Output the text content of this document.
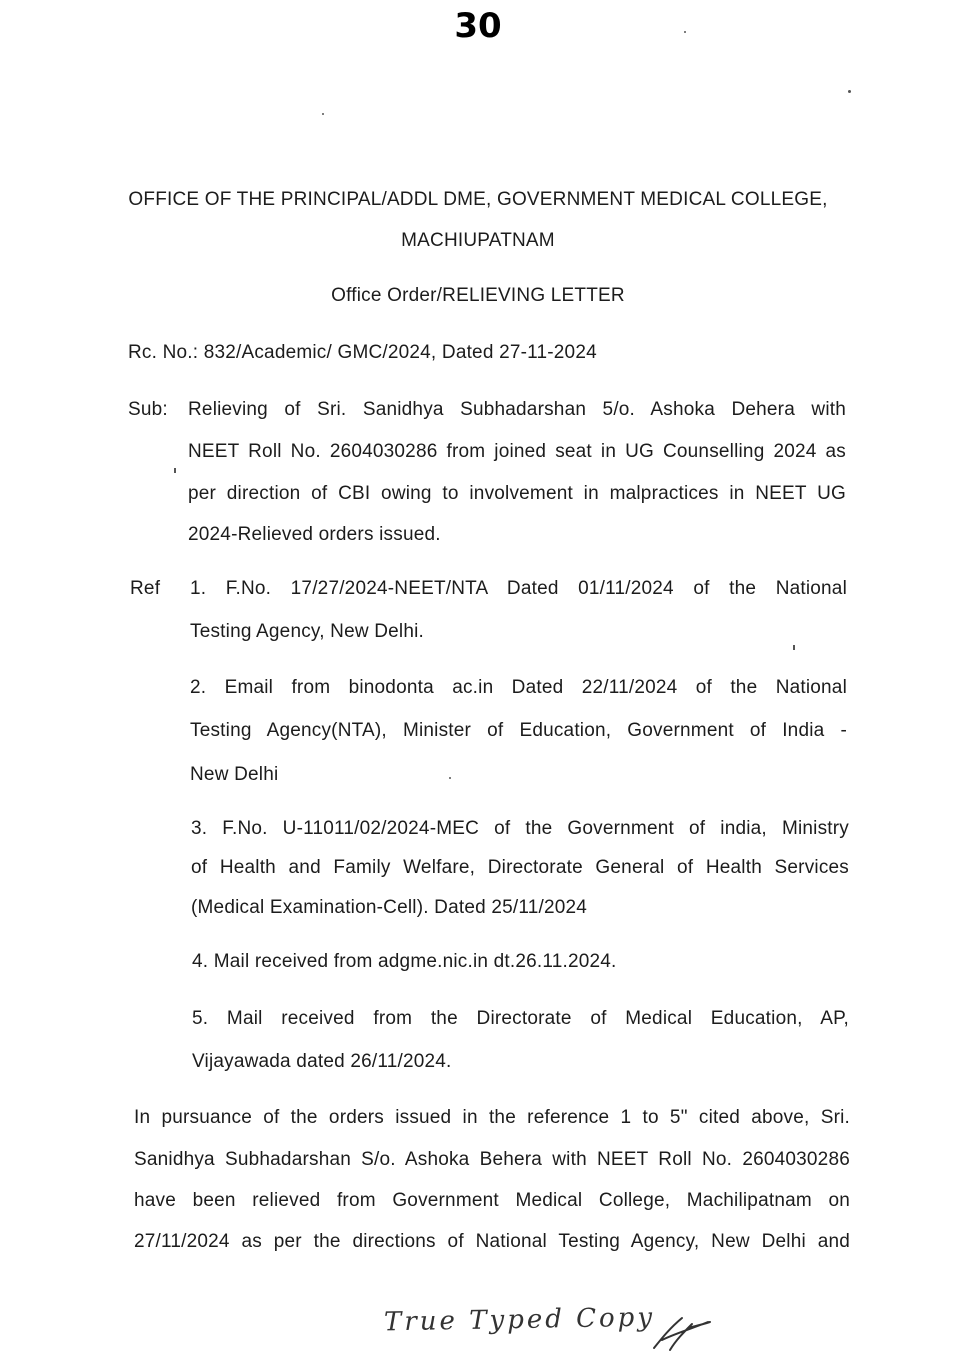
30
OFFICE OF THE PRINCIPAL/ADDL DME, GOVERNMENT MEDICAL COLLEGE,
MACHIUPATNAM
Office Order/RELIEVING LETTER
Rc. No.: 832/Academic/ GMC/2024, Dated 27-11-2024
Sub: Relieving of Sri. Sanidhya Subhadarshan 5/o. Ashoka Dehera with
NEET Roll No. 2604030286 from joined seat in UG Counselling 2024 as
per direction of CBI owing to involvement in malpractices in NEET UG
2024-Relieved orders issued.
Ref 1. F.No. 17/27/2024-NEET/NTA Dated 01/11/2024 of the National
Testing Agency, New Delhi.
2. Email from binodonta ac.in Dated 22/11/2024 of the National
Testing Agency(NTA), Minister of Education, Government of India -
New Delhi
3. F.No. U-11011/02/2024-MEC of the Government of india, Ministry
of Health and Family Welfare, Directorate General of Health Services
(Medical Examination-Cell). Dated 25/11/2024
4. Mail received from adgme.nic.in dt.26.11.2024.
5. Mail received from the Directorate of Medical Education, AP,
Vijayawada dated 26/11/2024.
In pursuance of the orders issued in the reference 1 to 5" cited above, Sri.
Sanidhya Subhadarshan S/o. Ashoka Behera with NEET Roll No. 2604030286
have been relieved from Government Medical College, Machilipatnam on
27/11/2024 as per the directions of National Testing Agency, New Delhi and
True Typed Copy
